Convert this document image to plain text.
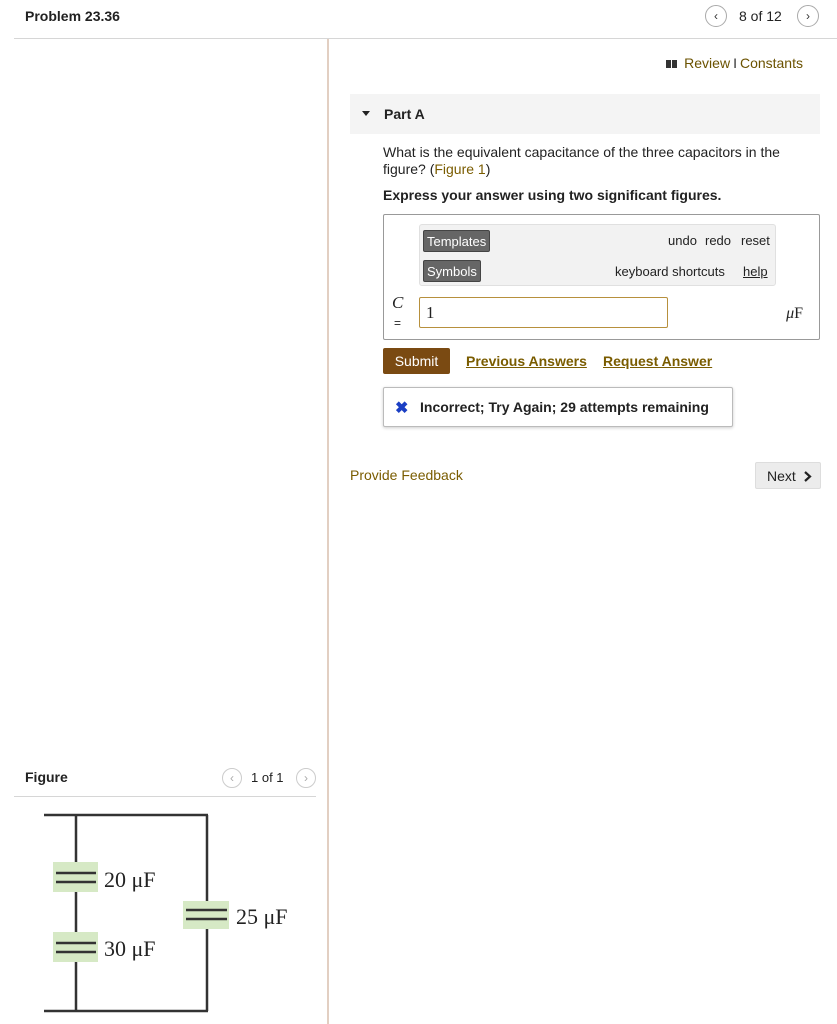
Problem 23.36	‹	8 of 12	›
Review I Constants
Part A
What is the equivalent capacitance of the three capacitors in the figure? (Figure 1)
Express your answer using two significant figures.
Templates
Symbols
undo redo reset
keyboard shortcuts help
C
=
1
μF
Submit	Previous Answers Request Answer
✖ Incorrect; Try Again; 29 attempts remaining
Provide Feedback	Next
Figure	‹	1 of 1	›
20 μF
30 μF
25 μF
